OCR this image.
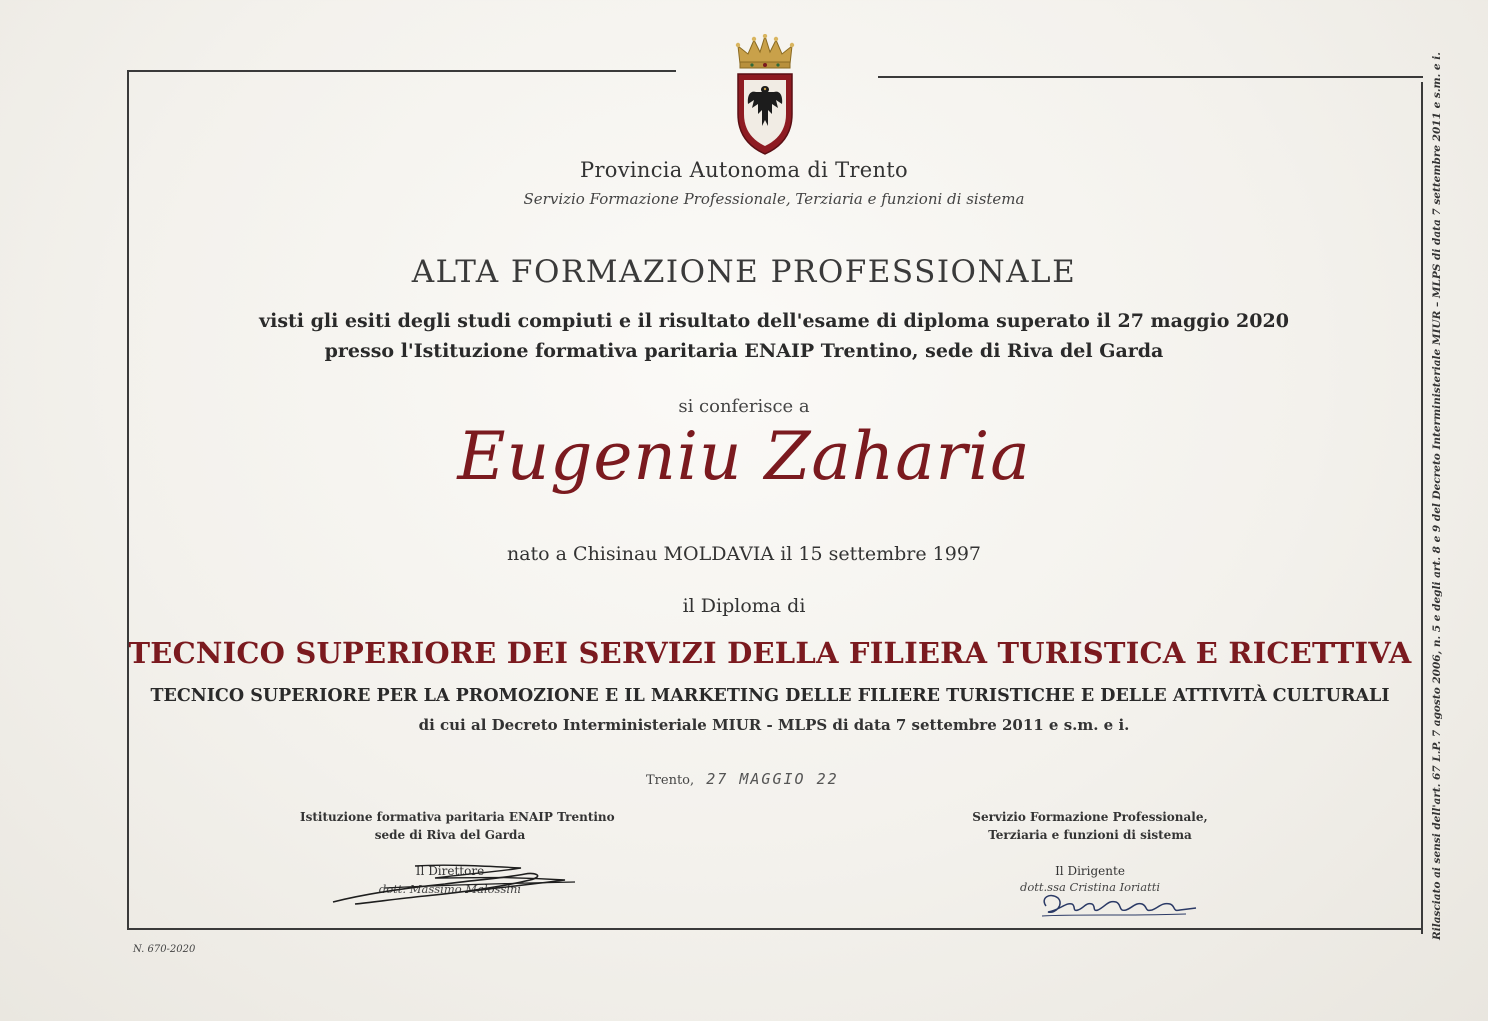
Provincia Autonoma di Trento
Servizio Formazione Professionale, Terziaria e funzioni di sistema
ALTA FORMAZIONE PROFESSIONALE
visti gli esiti degli studi compiuti e il risultato dell'esame di diploma superato il 27 maggio 2020
presso l'Istituzione formativa paritaria ENAIP Trentino, sede di Riva del Garda
si conferisce a
Eugeniu Zaharia
nato a Chisinau MOLDAVIA il 15 settembre 1997
il Diploma di
TECNICO SUPERIORE DEI SERVIZI DELLA FILIERA TURISTICA E RICETTIVA
TECNICO SUPERIORE PER LA PROMOZIONE E IL MARKETING DELLE FILIERE TURISTICHE E DELLE ATTIVITÀ CULTURALI
di cui al Decreto Interministeriale MIUR - MLPS di data 7 settembre 2011 e s.m. e i.
Trento, 27 MAGGIO 22
Istituzione formativa paritaria ENAIP Trentino
sede di Riva del Garda
Il Direttore
dott. Massimo Malossini
Servizio Formazione Professionale,
Terziaria e funzioni di sistema
Il Dirigente
dott.ssa Cristina Ioriatti
N. 670-2020
Rilasciato ai sensi dell'art. 67 L.P. 7 agosto 2006, n. 5 e degli art. 8 e 9 del Decreto Interministeriale MIUR – MLPS di data 7 settembre 2011 e s.m. e i.
